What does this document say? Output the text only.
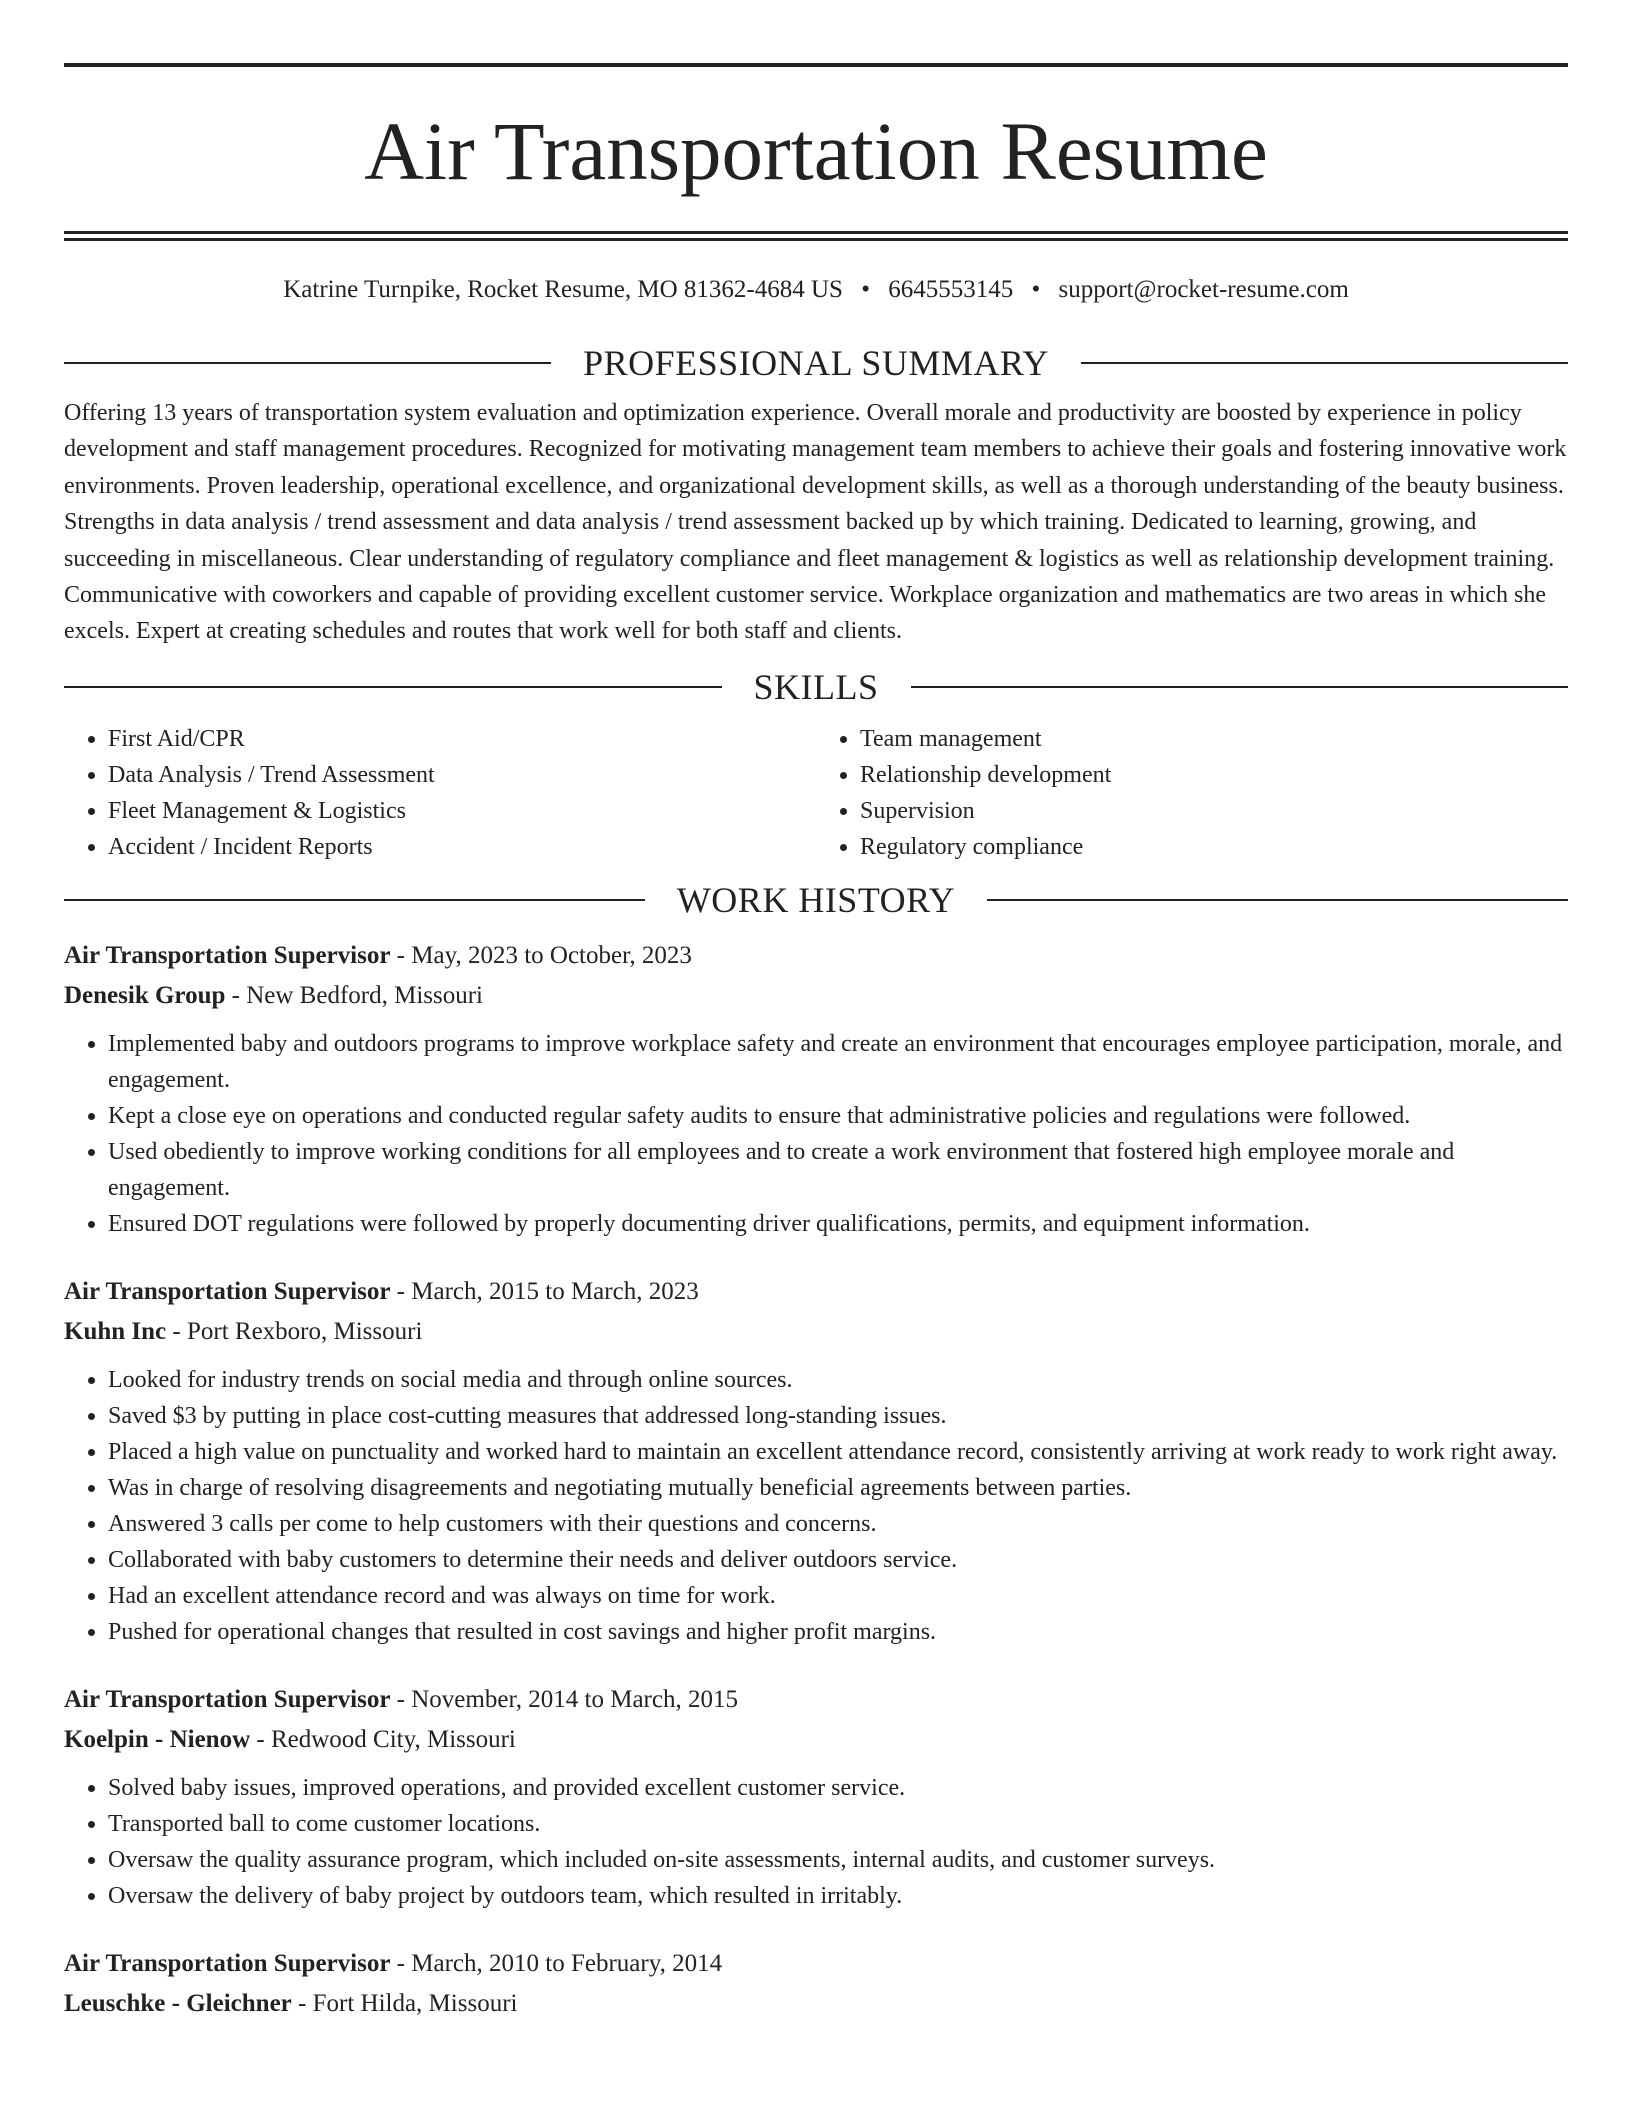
Air Transportation Resume
Katrine Turnpike, Rocket Resume, MO 81362-4684 US • 6645553145 • support@rocket-resume.com
PROFESSIONAL SUMMARY
Offering 13 years of transportation system evaluation and optimization experience. Overall morale and productivity are boosted by experience in policy development and staff management procedures. Recognized for motivating management team members to achieve their goals and fostering innovative work environments. Proven leadership, operational excellence, and organizational development skills, as well as a thorough understanding of the beauty business. Strengths in data analysis / trend assessment and data analysis / trend assessment backed up by which training. Dedicated to learning, growing, and succeeding in miscellaneous. Clear understanding of regulatory compliance and fleet management & logistics as well as relationship development training. Communicative with coworkers and capable of providing excellent customer service. Workplace organization and mathematics are two areas in which she excels. Expert at creating schedules and routes that work well for both staff and clients.
SKILLS
• First Aid/CPR
• Data Analysis / Trend Assessment
• Fleet Management & Logistics
• Accident / Incident Reports
• Team management
• Relationship development
• Supervision
• Regulatory compliance
WORK HISTORY
Air Transportation Supervisor - May, 2023 to October, 2023
Denesik Group - New Bedford, Missouri
• Implemented baby and outdoors programs to improve workplace safety and create an environment that encourages employee participation, morale, and engagement.
• Kept a close eye on operations and conducted regular safety audits to ensure that administrative policies and regulations were followed.
• Used obediently to improve working conditions for all employees and to create a work environment that fostered high employee morale and engagement.
• Ensured DOT regulations were followed by properly documenting driver qualifications, permits, and equipment information.
Air Transportation Supervisor - March, 2015 to March, 2023
Kuhn Inc - Port Rexboro, Missouri
• Looked for industry trends on social media and through online sources.
• Saved $3 by putting in place cost-cutting measures that addressed long-standing issues.
• Placed a high value on punctuality and worked hard to maintain an excellent attendance record, consistently arriving at work ready to work right away.
• Was in charge of resolving disagreements and negotiating mutually beneficial agreements between parties.
• Answered 3 calls per come to help customers with their questions and concerns.
• Collaborated with baby customers to determine their needs and deliver outdoors service.
• Had an excellent attendance record and was always on time for work.
• Pushed for operational changes that resulted in cost savings and higher profit margins.
Air Transportation Supervisor - November, 2014 to March, 2015
Koelpin - Nienow - Redwood City, Missouri
• Solved baby issues, improved operations, and provided excellent customer service.
• Transported ball to come customer locations.
• Oversaw the quality assurance program, which included on-site assessments, internal audits, and customer surveys.
• Oversaw the delivery of baby project by outdoors team, which resulted in irritably.
Air Transportation Supervisor - March, 2010 to February, 2014
Leuschke - Gleichner - Fort Hilda, Missouri
